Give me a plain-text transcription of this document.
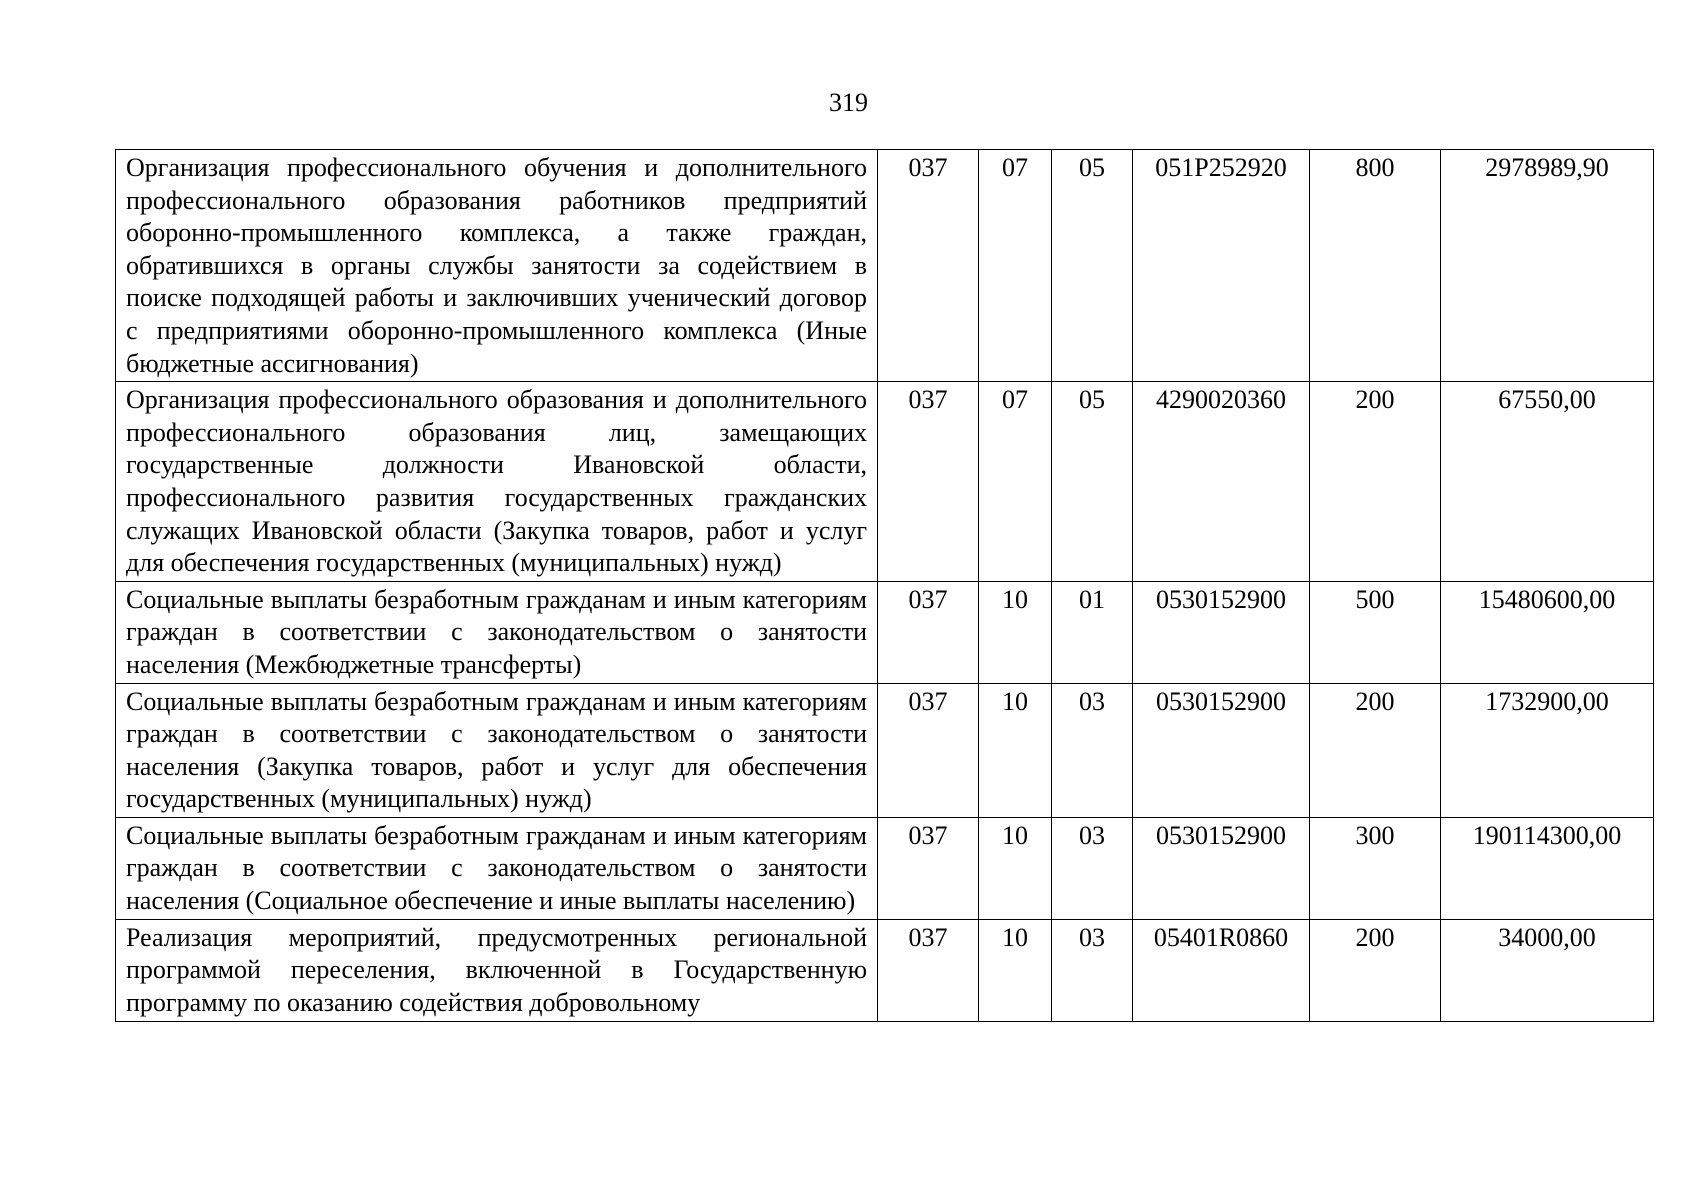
319
Организация профессионального обучения и дополнительного профессионального образования работников предприятий оборонно-промышленного комплекса, а также граждан, обратившихся в органы службы занятости за содействием в поиске подходящей работы и заключивших ученический договор с предприятиями оборонно-промышленного комплекса (Иные бюджетные ассигнования)	037	07	05	051P252920	800	2978989,90
Организация профессионального образования и дополнительного профессионального образования лиц, замещающих государственные должности Ивановской области, профессионального развития государственных гражданских служащих Ивановской области (Закупка товаров, работ и услуг для обеспечения государственных (муниципальных) нужд)	037	07	05	4290020360	200	67550,00
Социальные выплаты безработным гражданам и иным категориям граждан в соответствии с законодательством о занятости населения (Межбюджетные трансферты)	037	10	01	0530152900	500	15480600,00
Социальные выплаты безработным гражданам и иным категориям граждан в соответствии с законодательством о занятости населения (Закупка товаров, работ и услуг для обеспечения государственных (муниципальных) нужд)	037	10	03	0530152900	200	1732900,00
Социальные выплаты безработным гражданам и иным категориям граждан в соответствии с законодательством о занятости населения (Социальное обеспечение и иные выплаты населению)	037	10	03	0530152900	300	190114300,00

Реализация мероприятий, предусмотренных региональной программой переселения, включенной в Государственную программу по оказанию содействия добровольному	037	10	03	05401R0860	200	34000,00
